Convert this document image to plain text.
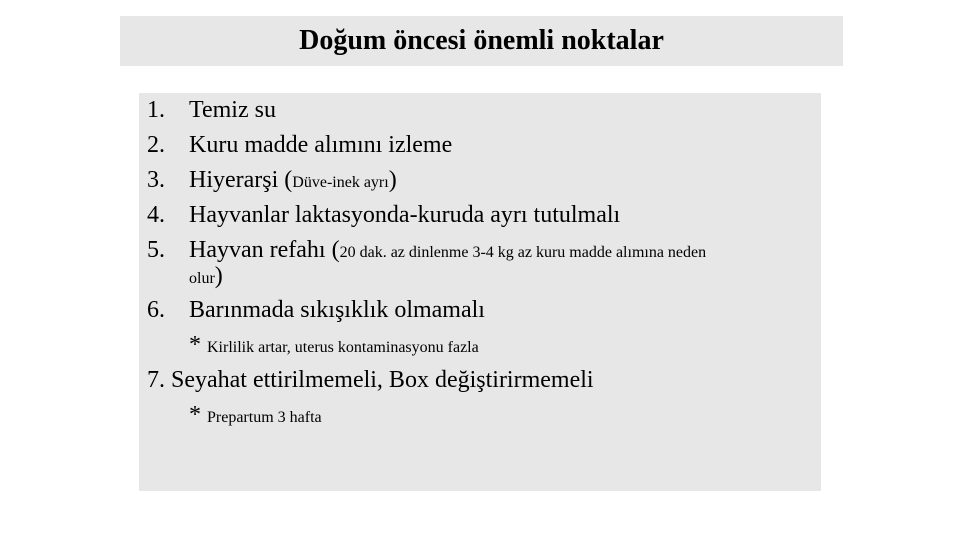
Doğum öncesi önemli noktalar
1. Temiz su
2. Kuru madde alımını izleme
3. Hiyerarşi (Düve-inek ayrı)
4. Hayvanlar laktasyonda-kuruda ayrı tutulmalı
5. Hayvan refahı (20 dak. az dinlenme 3-4 kg az kuru madde alımına neden
olur)
6. Barınmada sıkışıklık olmamalı
* Kirlilik artar, uterus kontaminasyonu fazla
7. Seyahat ettirilmemeli, Box değiştirirmemeli
* Prepartum 3 hafta
